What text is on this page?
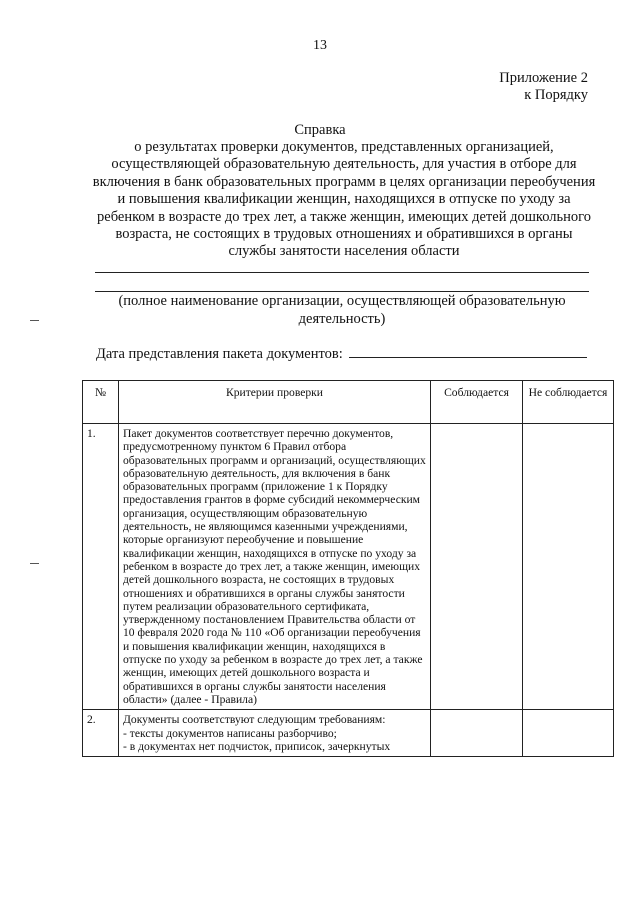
13
Приложение 2
к Порядку
Справка
о результатах проверки документов, представленных организацией, осуществляющей образовательную деятельность, для участия в отборе для включения в банк образовательных программ в целях организации переобучения и повышения квалификации женщин, находящихся в отпуске по уходу за ребенком в возрасте до трех лет, а также женщин, имеющих детей дошкольного возраста, не состоящих в трудовых отношениях и обратившихся в органы службы занятости населения области
(полное наименование организации, осуществляющей образовательную деятельность)
Дата представления пакета документов:
№	Критерии проверки	Соблюдается	Не соблюдается
1.	Пакет документов соответствует перечню документов, предусмотренному пунктом 6 Правил отбора образовательных программ и организаций, осуществляющих образовательную деятельность, для включения в банк образовательных программ (приложение 1 к Порядку предоставления грантов в форме субсидий некоммерческим организация, осуществляющим образовательную деятельность, не являющимся казенными учреждениями, которые организуют переобучение и повышение квалификации женщин, находящихся в отпуске по уходу за ребенком в возрасте до трех лет, а также женщин, имеющих детей дошкольного возраста, не состоящих в трудовых отношениях и обратившихся в органы службы занятости путем реализации образовательного сертификата, утвержденному постановлением Правительства области от 10 февраля 2020 года № 110 «Об организации переобучения и повышения квалификации женщин, находящихся в отпуске по уходу за ребенком в возрасте до трех лет, а также женщин, имеющих детей дошкольного возраста и обратившихся в органы службы занятости населения области» (далее - Правила)		
2.	Документы соответствуют следующим требованиям:
- тексты документов написаны разборчиво;
- в документах нет подчисток, приписок, зачеркнутых		
